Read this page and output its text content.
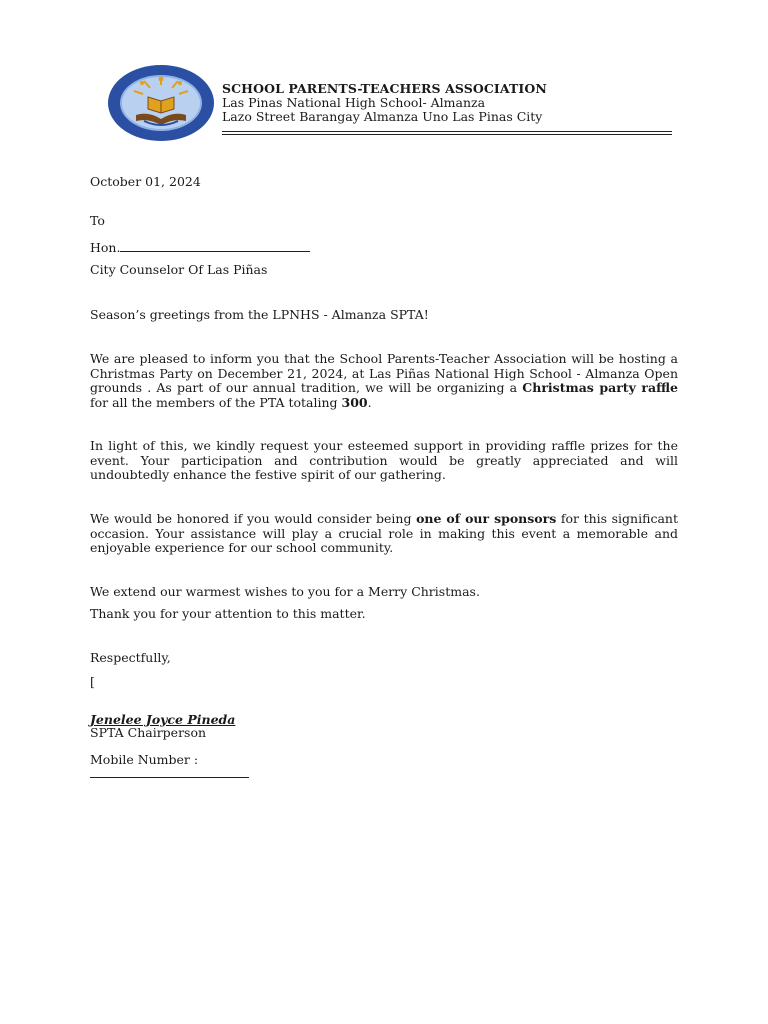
SCHOOL PARENTS-TEACHERS ASSOCIATION
Las Pinas National High School- Almanza
Lazo Street Barangay Almanza Uno Las Pinas City
October 01, 2024
To
Hon.
City Counselor Of Las Piñas
Season’s greetings from the LPNHS - Almanza SPTA!
We are pleased to inform you that the School Parents-Teacher Association will be hosting a Christmas Party on December 21, 2024, at Las Piñas National High School - Almanza Open grounds . As part of our annual tradition, we will be organizing a Christmas party raffle for all the members of the PTA totaling 300.
In light of this, we kindly request your esteemed support in providing raffle prizes for the event. Your participation and contribution would be greatly appreciated and will undoubtedly enhance the festive spirit of our gathering.
We would be honored if you would consider being one of our sponsors for this significant occasion. Your assistance will play a crucial role in making this event a memorable and enjoyable experience for our school community.
We extend our warmest wishes to you for a Merry Christmas.
Thank you for your attention to this matter.
Respectfully,
[
Jenelee Joyce Pineda
SPTA Chairperson
Mobile Number :
